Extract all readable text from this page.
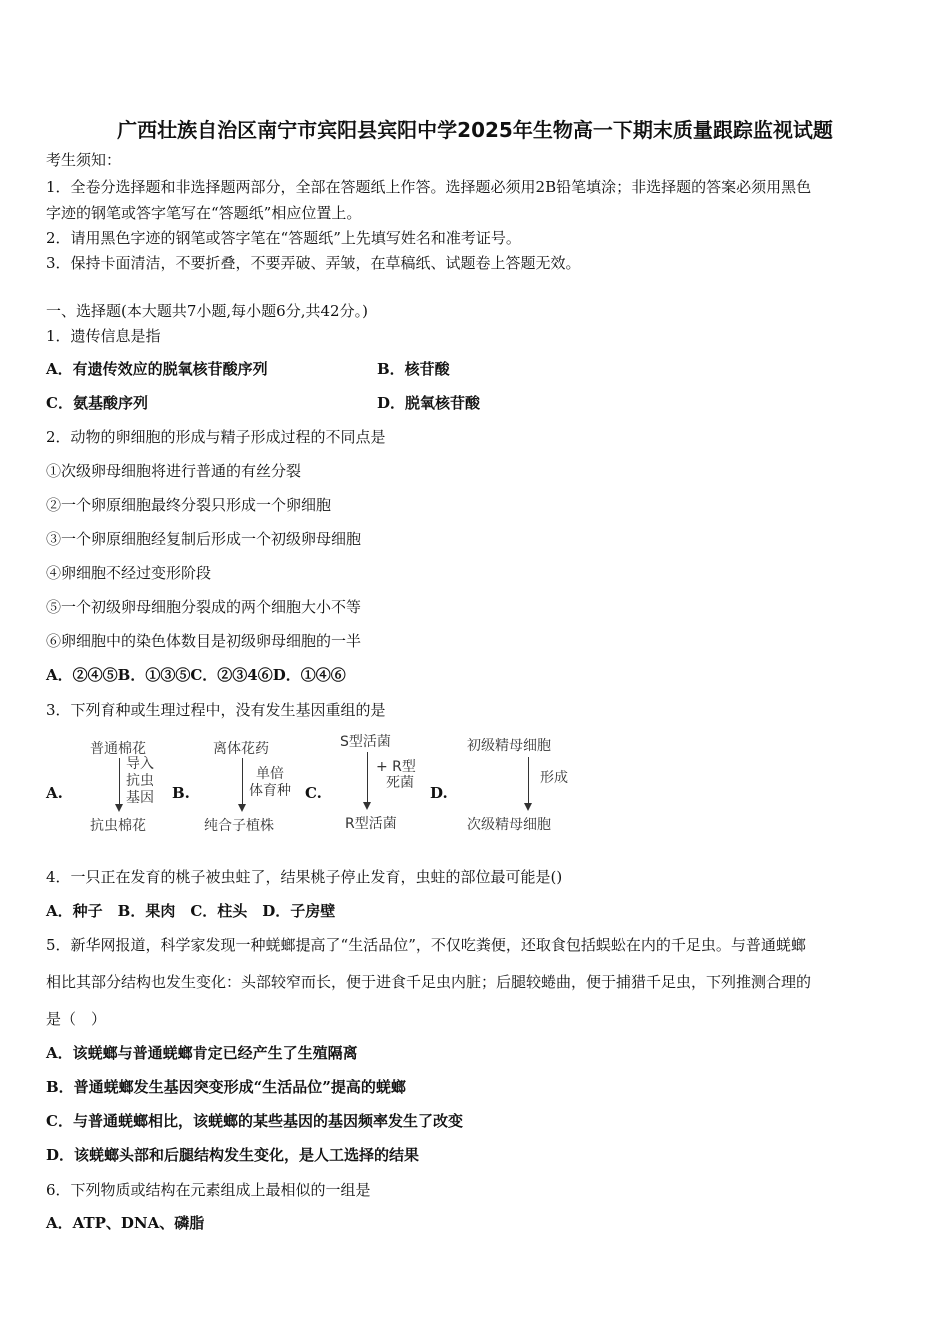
广西壮族自治区南宁市宾阳县宾阳中学2025年生物高一下期末质量跟踪监视试题
考生须知：
1．全卷分选择题和非选择题两部分，全部在答题纸上作答。选择题必须用2B铅笔填涂；非选择题的答案必须用黑色
字迹的钢笔或答字笔写在“答题纸”相应位置上。
2．请用黑色字迹的钢笔或答字笔在“答题纸”上先填写姓名和准考证号。
3．保持卡面清洁，不要折叠，不要弄破、弄皱，在草稿纸、试题卷上答题无效。
一、选择题(本大题共7小题,每小题6分,共42分。)
1．遗传信息是指
A．有遗传效应的脱氧核苷酸序列	B．核苷酸
C．氨基酸序列	D．脱氧核苷酸
2．动物的卵细胞的形成与精子形成过程的不同点是
①次级卵母细胞将进行普通的有丝分裂
②一个卵原细胞最终分裂只形成一个卵细胞
③一个卵原细胞经复制后形成一个初级卵母细胞
④卵细胞不经过变形阶段
⑤一个初级卵母细胞分裂成的两个细胞大小不等
⑥卵细胞中的染色体数目是初级卵母细胞的一半
A．②④⑤B．①③⑤C．②③4⑥D．①④⑥
3．下列育种或生理过程中，没有发生基因重组的是
A.
普通棉花
导入
抗虫
基因
抗虫棉花
B.
离体花药
单倍
体育种
纯合子植株
C.
S型活菌
+ R型
死菌
R型活菌
D.
初级精母细胞
形成
次级精母细胞
4．一只正在发育的桃子被虫蛀了，结果桃子停止发育，虫蛀的部位最可能是()
A．种子　B．果肉　C．柱头　D．子房壁
5．新华网报道，科学家发现一种蜣螂提高了“生活品位”，不仅吃粪便，还取食包括蜈蚣在内的千足虫。与普通蜣螂
相比其部分结构也发生变化：头部较窄而长，便于进食千足虫内脏；后腿较蜷曲，便于捕猎千足虫，下列推测合理的
是（　）
A．该蜣螂与普通蜣螂肯定已经产生了生殖隔离
B．普通蜣螂发生基因突变形成“生活品位”提高的蜣螂
C．与普通蜣螂相比，该蜣螂的某些基因的基因频率发生了改变
D．该蜣螂头部和后腿结构发生变化，是人工选择的结果
6．下列物质或结构在元素组成上最相似的一组是
A．ATP、DNA、磷脂
